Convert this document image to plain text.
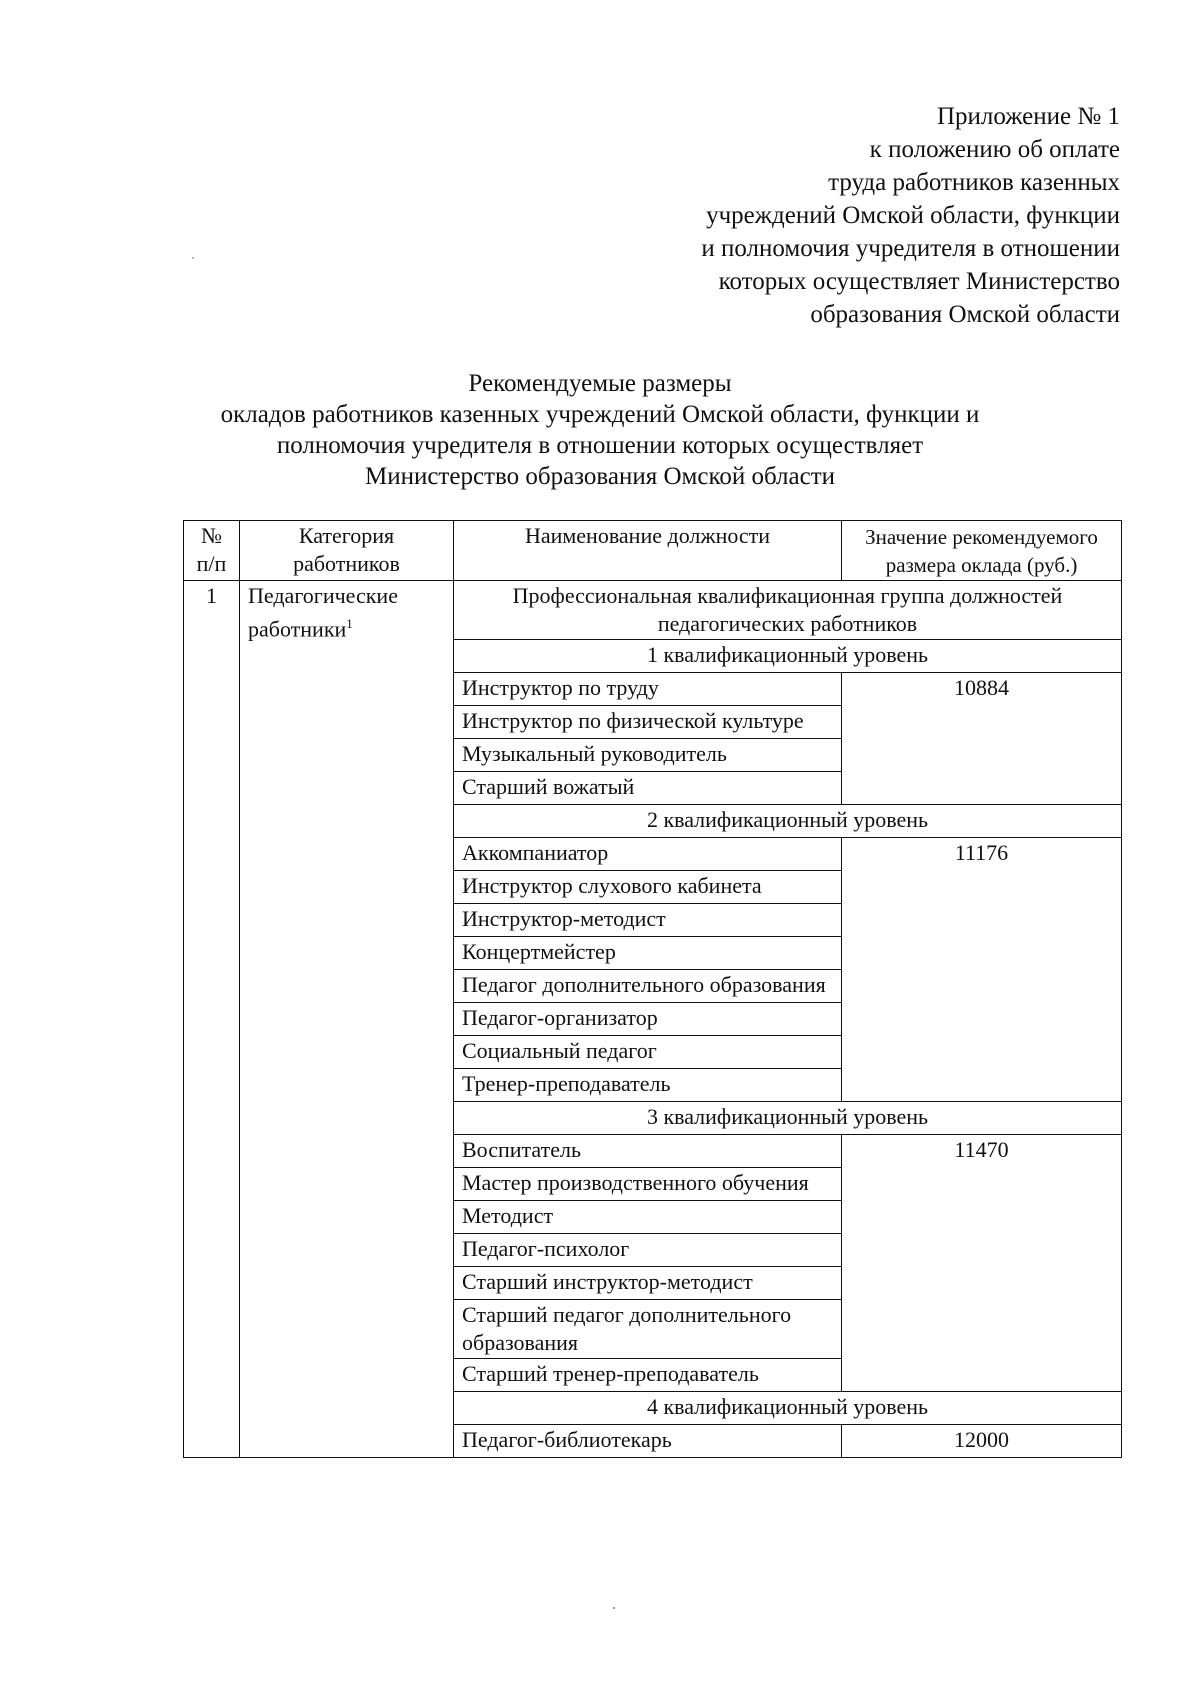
Приложение № 1
к положению об оплате
труда работников казенных
учреждений Омской области, функции
и полномочия учредителя в отношении
которых осуществляет Министерство
образования Омской области
Рекомендуемые размеры
окладов работников казенных учреждений Омской области, функции и
полномочия учредителя в отношении которых осуществляет
Министерство образования Омской области
№ п/п	Категория работников	Наименование должности	Значение рекомендуемого размера оклада (руб.)
1	Педагогические работники$^1$	Профессиональная квалификационная группа должностей педагогических работников	
		1 квалификационный уровень	
		Инструктор по труду	10884
		Инструктор по физической культуре	
		Музыкальный руководитель	
		Старший вожатый	
		2 квалификационный уровень	
		Аккомпаниатор	11176
		Инструктор слухового кабинета	
		Инструктор-методист	
		Концертмейстер	
		Педагог дополнительного образования	
		Педагог-организатор	
		Социальный педагог	
		Тренер-преподаватель	
		3 квалификационный уровень	
		Воспитатель	11470
		Мастер производственного обучения	
		Методист	
		Педагог-психолог	
		Старший инструктор-методист	
		Старший педагог дополнительного образования	
		Старший тренер-преподаватель	
		4 квалификационный уровень	
		Педагог-библиотекарь	12000
